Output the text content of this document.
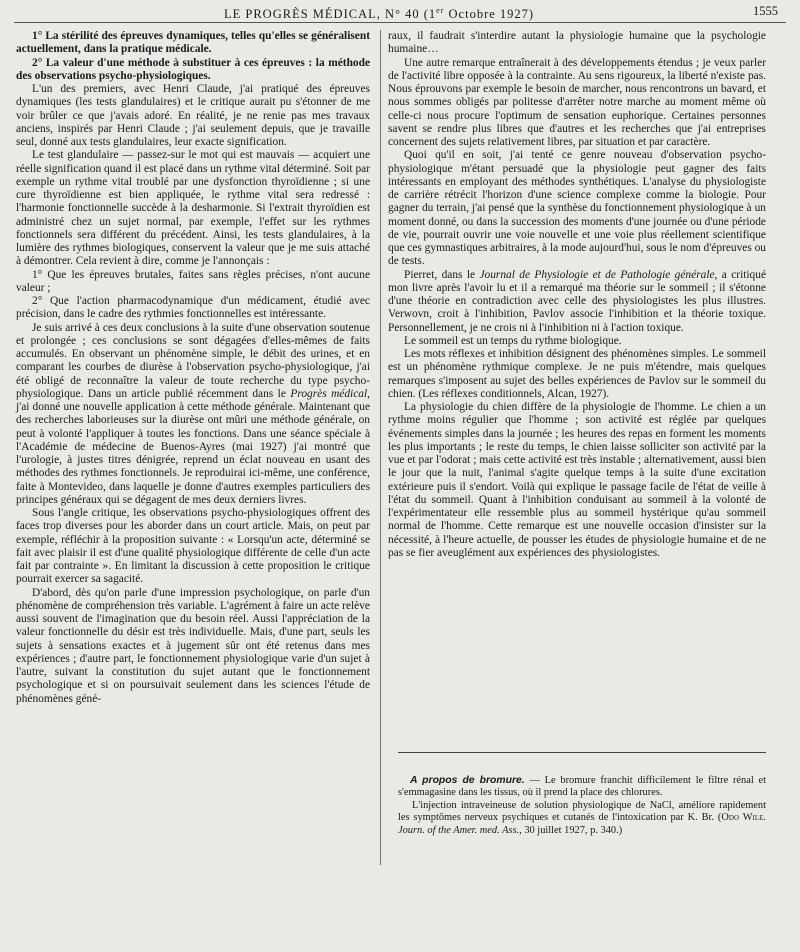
LE PROGRÈS MÉDICAL, N° 40 (1er Octobre 1927)	1555

1° La stérilité des épreuves dynamiques, telles qu'elles se généralisent actuellement, dans la pratique médicale.

2° La valeur d'une méthode à substituer à ces épreuves : la méthode des observations psycho-physiologiques.

L'un des premiers, avec Henri Claude, j'ai pratiqué des épreuves dynamiques (les tests glandulaires) et le critique aurait pu s'étonner de me voir brûler ce que j'avais adoré. En réalité, je ne renie pas mes travaux anciens, inspirés par Henri Claude ; j'ai seulement depuis, que je travaille seul, donné aux tests glandulaires, leur exacte signification.

Le test glandulaire — passez-sur le mot qui est mauvais — acquiert une réelle signification quand il est placé dans un rythme vital déterminé. Soit par exemple un rythme vital troublé par une dysfonction thyroïdienne ; si une cure thyroïdienne est bien appliquée, le rythme vital sera redressé : l'harmonie fonctionnelle succède à la desharmonie. Si l'extrait thyroïdien est administré chez un sujet normal, par exemple, l'effet sur les rythmes fonctionnels sera différent du précédent. Ainsi, les tests glandulaires, à la lumière des rythmes biologiques, conservent la valeur que je me suis attaché à démontrer. Cela revient à dire, comme je l'annonçais :

1° Que les épreuves brutales, faites sans règles précises, n'ont aucune valeur ;

2° Que l'action pharmacodynamique d'un médicament, étudié avec précision, dans le cadre des rythmies fonctionnelles est intéressante.

Je suis arrivé à ces deux conclusions à la suite d'une observation soutenue et prolongée ; ces conclusions se sont dégagées d'elles-mêmes de faits accumulés. En observant un phénomène simple, le débit des urines, et en comparant les courbes de diurèse à l'observation psycho-physiologique, j'ai été obligé de reconnaître la valeur de toute recherche du type psycho-physiologique. Dans un article publié récemment dans le Progrès médical, j'ai donné une nouvelle application à cette méthode générale. Maintenant que des recherches laborieuses sur la diurèse ont mûri une méthode générale, on peut à volonté l'appliquer à toutes les fonctions. Dans une séance spéciale à l'Académie de médecine de Buenos-Ayres (mai 1927) j'ai montré que l'urologie, à justes titres dénigrée, reprend un éclat nouveau en usant des méthodes des rythmes fonctionnels. Je reproduirai ici-même, une conférence, faite à Montevideo, dans laquelle je donne d'autres exemples particuliers des principes généraux qui se dégagent de mes deux derniers livres.

Sous l'angle critique, les observations psycho-physiologiques offrent des faces trop diverses pour les aborder dans un court article. Mais, on peut par exemple, réfléchir à la proposition suivante : « Lorsqu'un acte, déterminé se fait avec plaisir il est d'une qualité physiologique différente de celle d'un acte fait par contrainte ». En limitant la discussion à cette proposition le critique pourrait exercer sa sagacité.

D'abord, dès qu'on parle d'une impression psychologique, on parle d'un phénomène de compréhension très variable. L'agrément à faire un acte relève aussi souvent de l'imagination que du besoin réel. Aussi l'appréciation de la valeur fonctionnelle du désir est très individuelle. Mais, d'une part, seuls les sujets à sensations exactes et à jugement sûr ont été retenus dans mes expériences ; d'autre part, le fonctionnement physiologique varie d'un sujet à l'autre, suivant la constitution du sujet autant que le fonctionnement psychologique et si on poursuivait seulement dans les sciences l'étude de phénomènes géné-

raux, il faudrait s'interdire autant la physiologie humaine que la psychologie humaine…

Une autre remarque entraînerait à des développements étendus ; je veux parler de l'activité libre opposée à la contrainte. Au sens rigoureux, la liberté n'existe pas. Nous éprouvons par exemple le besoin de marcher, nous rencontrons un bavard, et nous sommes obligés par politesse d'arrêter notre marche au moment même où celle-ci nous procure l'optimum de sensation euphorique. Certaines personnes savent se rendre plus libres que d'autres et les recherches que j'ai entreprises concernent des sujets relativement libres, par situation et par caractère.

Quoi qu'il en soit, j'ai tenté ce genre nouveau d'observation psycho-physiologique m'étant persuadé que la physiologie peut gagner des faits intéressants en employant des méthodes synthétiques. L'analyse du physiologiste de carrière rétrécit l'horizon d'une science complexe comme la biologie. Pour gagner du terrain, j'ai pensé que la synthèse du fonctionnement physiologique à un moment donné, ou dans la succession des moments d'une journée ou d'une période de vie, pourrait ouvrir une voie nouvelle et une voie plus réellement scientifique que ces gymnastiques arbitraires, à la mode aujourd'hui, sous le nom d'épreuves ou de tests.

Pierret, dans le Journal de Physiologie et de Pathologie générale, a critiqué mon livre après l'avoir lu et il a remarqué ma théorie sur le sommeil ; il s'étonne d'une théorie en contradiction avec celle des physiologistes les plus illustres. Verwovn, croit à l'inhibition, Pavlov associe l'inhibition et la théorie toxique. Personnellement, je ne crois ni à l'inhibition ni à l'action toxique.

Le sommeil est un temps du rythme biologique.

Les mots réflexes et inhibition désignent des phénomènes simples. Le sommeil est un phénomène rythmique complexe. Je ne puis m'étendre, mais quelques remarques s'imposent au sujet des belles expériences de Pavlov sur le sommeil du chien. (Les réflexes conditionnels, Alcan, 1927).

La physiologie du chien diffère de la physiologie de l'homme. Le chien a un rythme moins régulier que l'homme ; son activité est réglée par quelques événements simples dans la journée ; les heures des repas en forment les moments les plus importants ; le reste du temps, le chien laisse solliciter son activité par la vue et par l'odorat ; mais cette activité est très instable ; alternativement, aussi bien le jour que la nuit, l'animal s'agite quelque temps à la suite d'une excitation extérieure puis il s'endort. Voilà qui explique le passage facile de l'état de veille à l'état du sommeil. Quant à l'inhibition conduisant au sommeil à la volonté de l'expérimentateur elle ressemble plus au sommeil hystérique qu'au sommeil normal de l'homme. Cette remarque est une nouvelle occasion d'insister sur la nécessité, à l'heure actuelle, de pousser les études de physiologie humaine et de ne pas se fier aveuglément aux expériences des physiologistes.

A propos de bromure. — Le bromure franchit difficilement le filtre rénal et s'emmagasine dans les tissus, où il prend la place des chlorures.

L'injection intraveineuse de solution physiologique de NaCl, améliore rapidement les symptômes nerveux psychiques et cutanés de l'intoxication par K. Br. (Odo Wile. Journ. of the Amer. med. Ass., 30 juillet 1927, p. 340.)
